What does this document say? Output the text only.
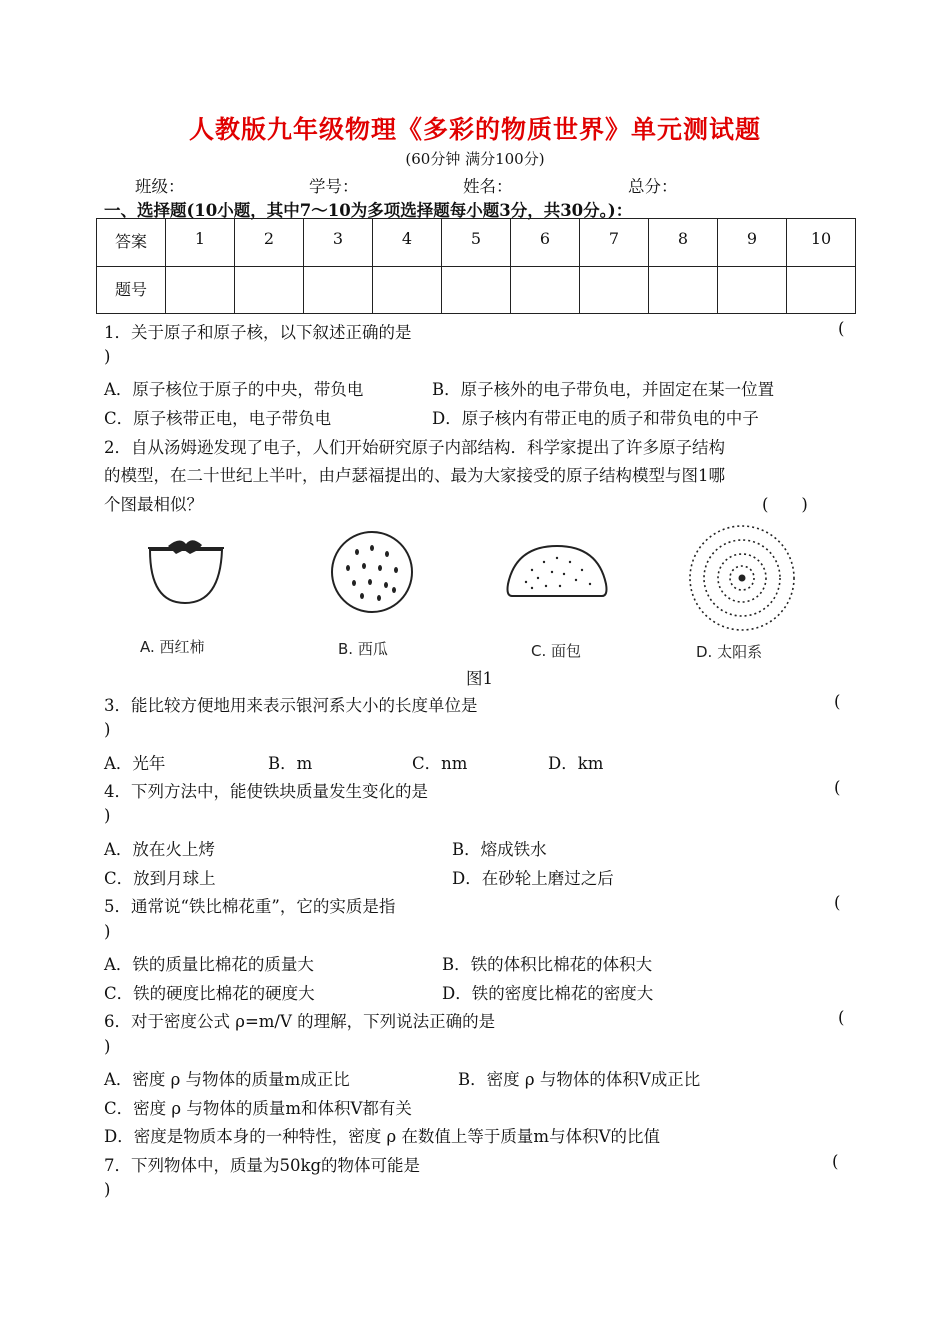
人教版九年级物理《多彩的物质世界》单元测试题
(60分钟 满分100分)
班级：	学号：	姓名：	总分：
一、选择题(10小题，其中7～10为多项选择题每小题3分，共30分。)：
答案	1	2	3	4	5	6	7	8	9	10
题号										
1．关于原子和原子核，以下叙述正确的是	(
)
A．原子核位于原子的中央，带负电	B．原子核外的电子带负电，并固定在某一位置
C．原子核带正电，电子带负电	D．原子核内有带正电的质子和带负电的中子
2．自从汤姆逊发现了电子，人们开始研究原子内部结构．科学家提出了许多原子结构
的模型，在二十世纪上半叶，由卢瑟福提出的、最为大家接受的原子结构模型与图1哪
个图最相似？	(　　)
A. 西红柿	B. 西瓜	C. 面包	D. 太阳系
图1
3．能比较方便地用来表示银河系大小的长度单位是	(
)
A．光年	B．m	C．nm	D．km
4．下列方法中，能使铁块质量发生变化的是	(
)
A．放在火上烤	B．熔成铁水
C．放到月球上	D．在砂轮上磨过之后
5．通常说“铁比棉花重”，它的实质是指	(
)
A．铁的质量比棉花的质量大	B．铁的体积比棉花的体积大
C．铁的硬度比棉花的硬度大	D．铁的密度比棉花的密度大
6．对于密度公式 ρ=m/V 的理解，下列说法正确的是	(
)
A．密度 ρ 与物体的质量m成正比	B．密度 ρ 与物体的体积V成正比
C．密度 ρ 与物体的质量m和体积V都有关
D．密度是物质本身的一种特性，密度 ρ 在数值上等于质量m与体积V的比值
7．下列物体中，质量为50kg的物体可能是	(
)
